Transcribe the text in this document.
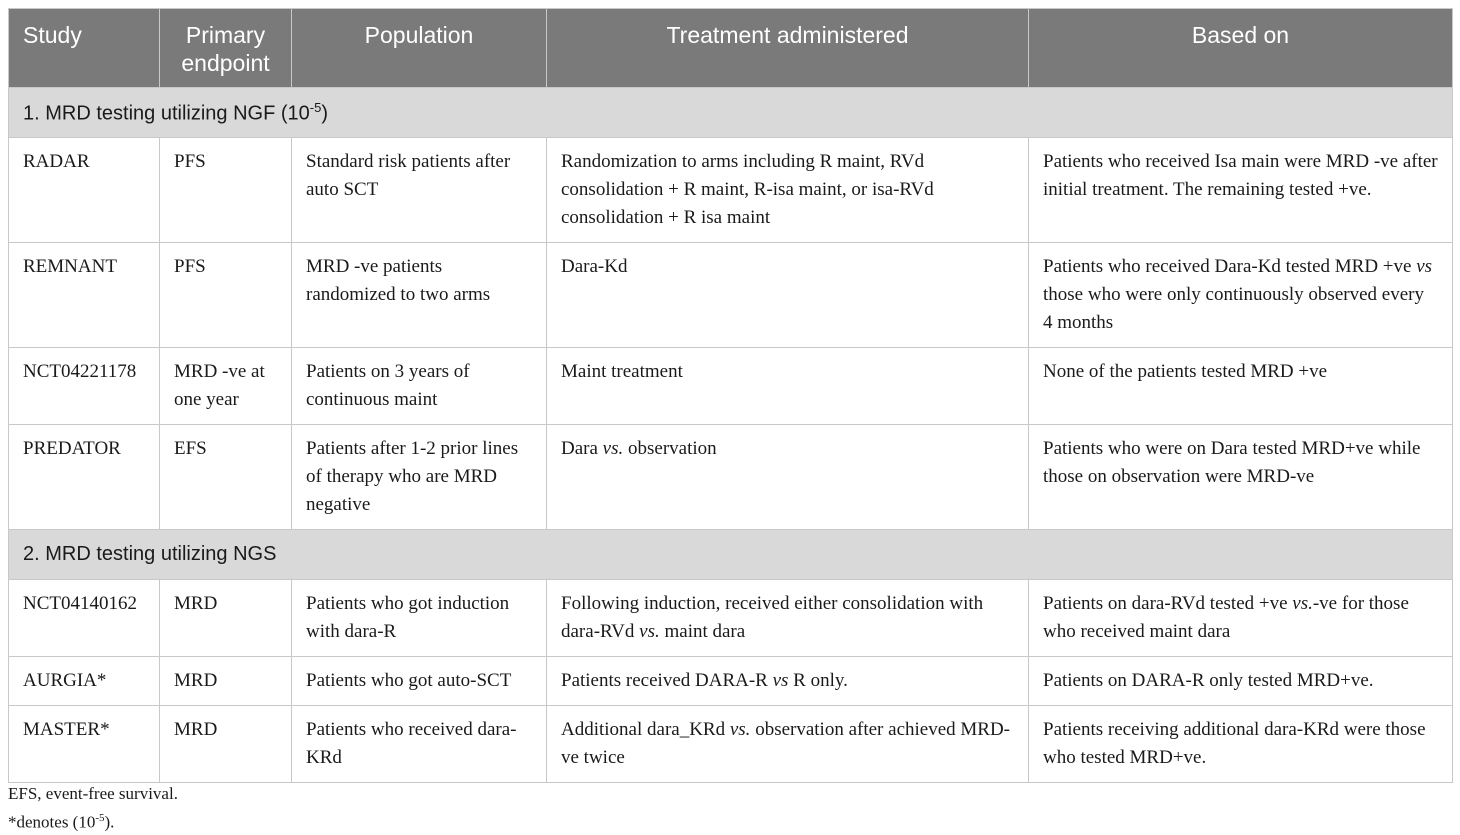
Study	Primary endpoint	Population	Treatment administered	Based on
1. MRD testing utilizing NGF $(10^{-5})$				
RADAR	PFS	Standard risk patients after auto SCT	Randomization to arms including R maint, RVd consolidation + R maint, R-isa maint, or isa-RVd consolidation + R isa maint	Patients who received Isa main were MRD -ve after initial treatment. The remaining tested +ve.
REMNANT	PFS	MRD -ve patients randomized to two arms	Dara-Kd	Patients who received Dara-Kd tested MRD +ve vs those who were only continuously observed every 4 months
NCT04221178	MRD -ve at one year	Patients on 3 years of continuous maint	Maint treatment	None of the patients tested MRD +ve
PREDATOR	EFS	Patients after 1-2 prior lines of therapy who are MRD negative	Dara vs. observation	Patients who were on Dara tested MRD+ve while those on observation were MRD-ve
2. MRD testing utilizing NGS				
NCT04140162	MRD	Patients who got induction with dara-R	Following induction, received either consolidation with dara-RVd vs. maint dara	Patients on dara-RVd tested +ve vs.-ve for those who received maint dara
AURGIA*	MRD	Patients who got auto-SCT	Patients received DARA-R vs R only.	Patients on DARA-R only tested MRD+ve.
MASTER*	MRD	Patients who received dara-KRd	Additional dara_KRd vs. observation after achieved MRD-ve twice	Patients receiving additional dara-KRd were those who tested MRD+ve.
EFS, event-free survival.
*denotes $(10^{-5})$.
